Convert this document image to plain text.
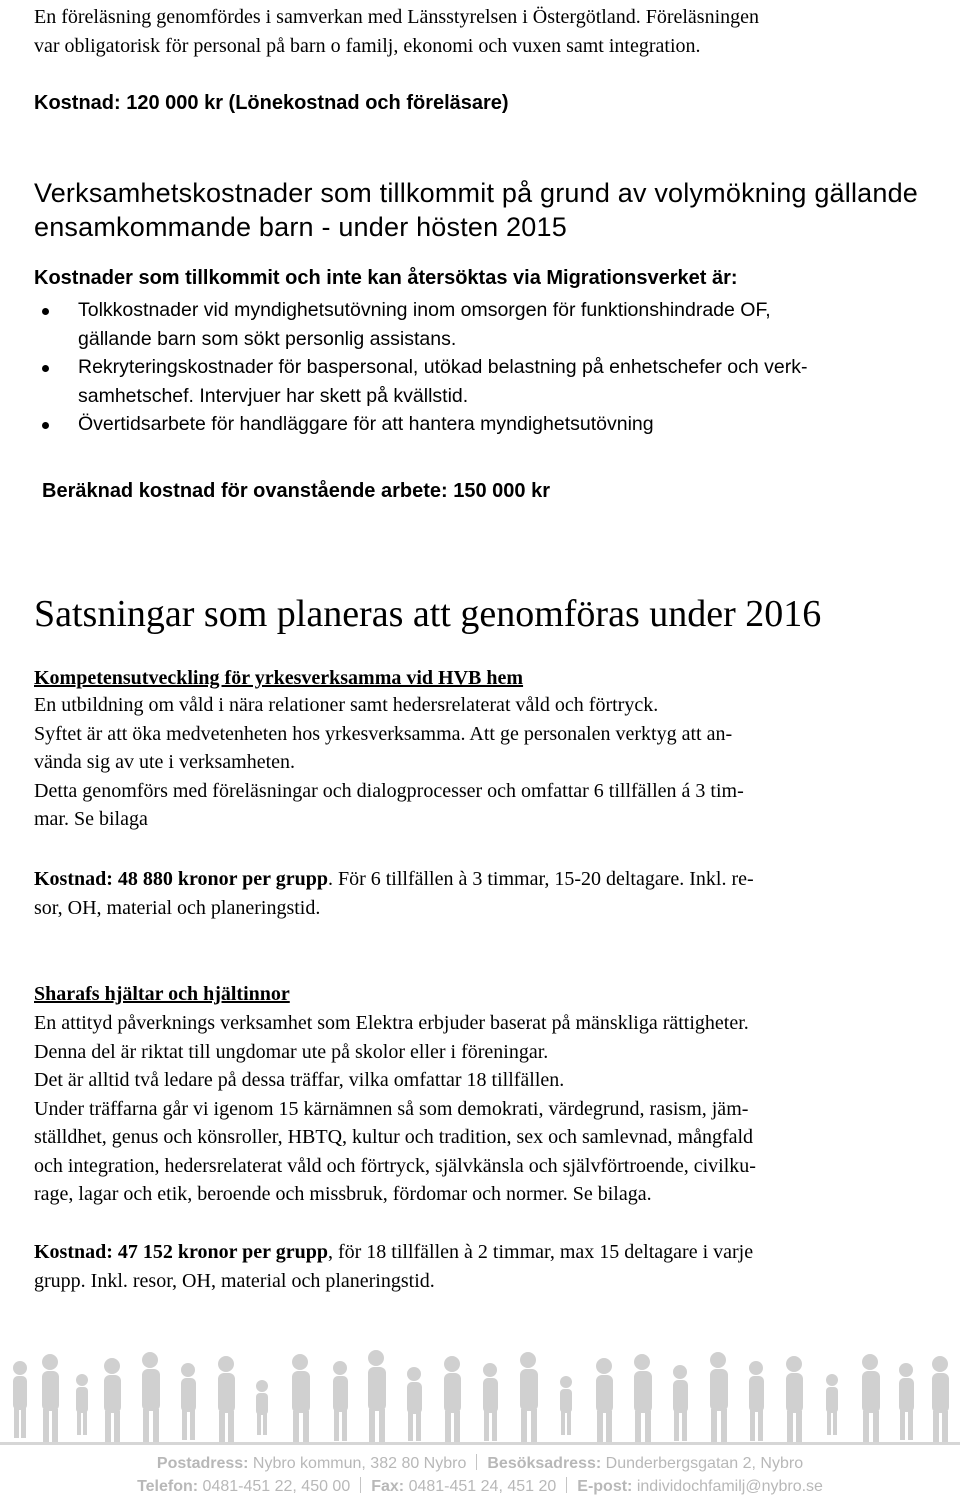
En föreläsning genomfördes i samverkan med Länsstyrelsen i Östergötland. Föreläsningen

var obligatorisk för personal på barn o familj, ekonomi och vuxen samt integration.

Kostnad: 120 000 kr (Lönekostnad och föreläsare)

Verksamhetskostnader som tillkommit på grund av volymökning gällande

ensamkommande barn - under hösten 2015

Kostnader som tillkommit och inte kan återsöktas via Migrationsverket är:

Tolkkostnader vid myndighetsutövning inom omsorgen för funktionshindrade OF,

gällande barn som sökt personlig assistans.

Rekryteringskostnader för baspersonal, utökad belastning på enhetschefer och verk-

samhetschef. Intervjuer har skett på kvällstid.

Övertidsarbete för handläggare för att hantera myndighetsutövning

Beräknad kostnad för ovanstående arbete: 150 000 kr
Satsningar som planeras att genomföras under 2016
Kompetensutveckling för yrkesverksamma vid HVB hem

En utbildning om våld i nära relationer samt hedersrelaterat våld och förtryck.

Syftet är att öka medvetenheten hos yrkesverksamma. Att ge personalen verktyg att an-

vända sig av ute i verksamheten.

Detta genomförs med föreläsningar och dialogprocesser och omfattar 6 tillfällen á 3 tim-

mar. Se bilaga

Kostnad: 48 880 kronor per grupp. För 6 tillfällen à 3 timmar, 15-20 deltagare. Inkl. re-

sor, OH, material och planeringstid.

Sharafs hjältar och hjältinnor

En attityd påverknings verksamhet som Elektra erbjuder baserat på mänskliga rättigheter.

Denna del är riktat till ungdomar ute på skolor eller i föreningar.

Det är alltid två ledare på dessa träffar, vilka omfattar 18 tillfällen.

Under träffarna går vi igenom 15 kärnämnen så som demokrati, värdegrund, rasism, jäm-

ställdhet, genus och könsroller, HBTQ, kultur och tradition, sex och samlevnad, mångfald

och integration, hedersrelaterat våld och förtryck, självkänsla och självförtroende, civilku-

rage, lagar och etik, beroende och missbruk, fördomar och normer. Se bilaga.

Kostnad: 47 152 kronor per grupp, för 18 tillfällen à 2 timmar, max 15 deltagare i varje

grupp. Inkl. resor, OH, material och planeringstid.

Postadress: Nybro kommun, 382 80 Nybro Besöksadress: Dunderbergsgatan 2, Nybro
Telefon: 0481-451 22, 450 00 Fax: 0481-451 24, 451 20 E-post: individochfamilj@nybro.se
